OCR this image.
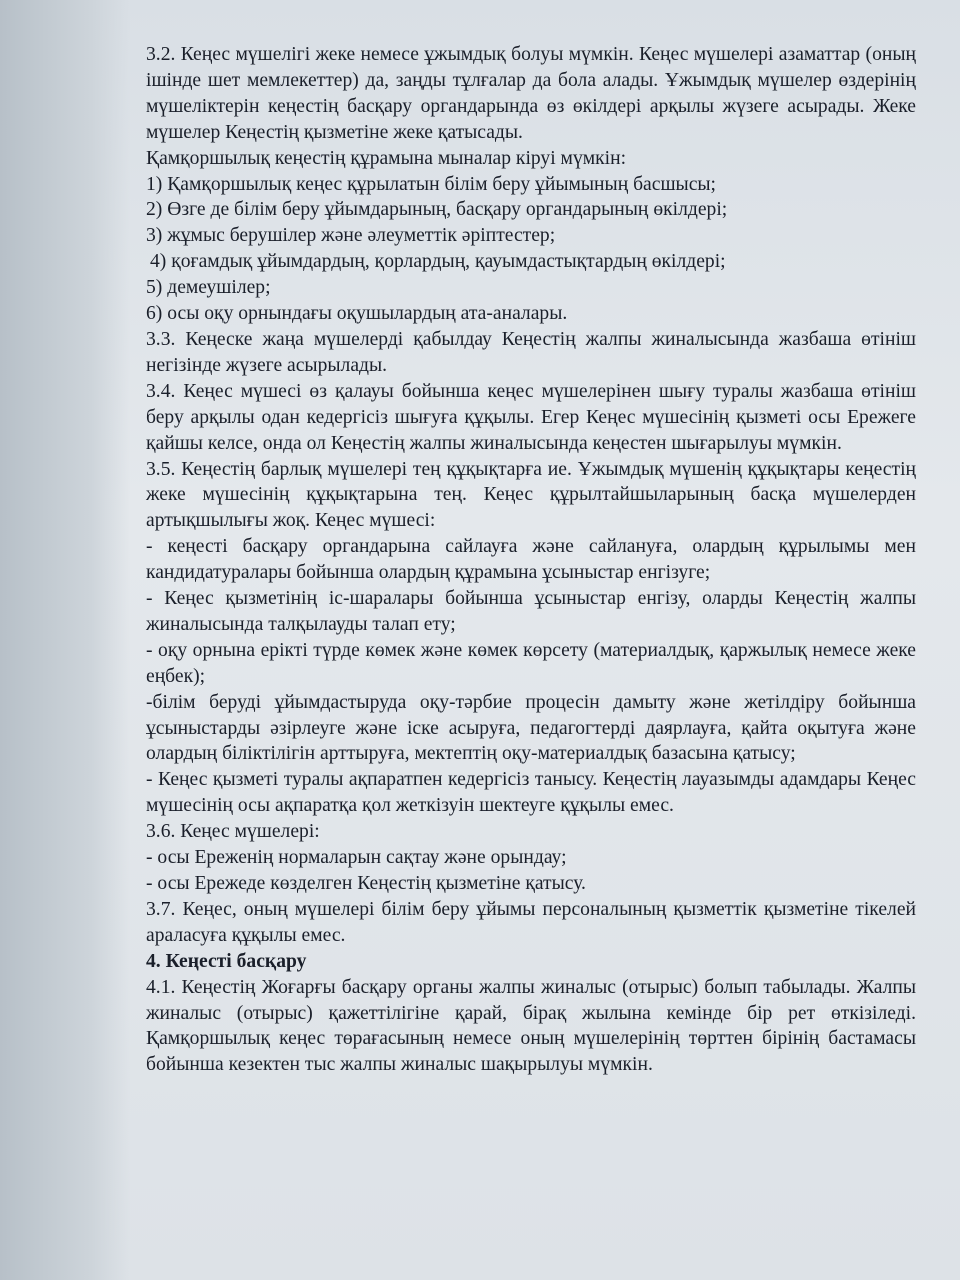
3.2. Кеңес мүшелігі жеке немесе ұжымдық болуы мүмкін. Кеңес мүшелері азаматтар (оның ішінде шет мемлекеттер) да, заңды тұлғалар да бола алады. Ұжымдық мүшелер өздерінің мүшеліктерін кеңестің басқару органдарында өз өкілдері арқылы жүзеге асырады. Жеке мүшелер Кеңестің қызметіне жеке қатысады.

Қамқоршылық кеңестің құрамына мыналар кіруі мүмкін:

1) Қамқоршылық кеңес құрылатын білім беру ұйымының басшысы;

2) Өзге де білім беру ұйымдарының, басқару органдарының өкілдері;

3) жұмыс берушілер және әлеуметтік әріптестер;

4) қоғамдық ұйымдардың, қорлардың, қауымдастықтардың өкілдері;

5) демеушілер;

6) осы оқу орнындағы оқушылардың ата-аналары.

3.3. Кеңеске жаңа мүшелерді қабылдау Кеңестің жалпы жиналысында жазбаша өтініш негізінде жүзеге асырылады.

3.4. Кеңес мүшесі өз қалауы бойынша кеңес мүшелерінен шығу туралы жазбаша өтініш беру арқылы одан кедергісіз шығуға құқылы. Егер Кеңес мүшесінің қызметі осы Ережеге қайшы келсе, онда ол Кеңестің жалпы жиналысында кеңестен шығарылуы мүмкін.

3.5. Кеңестің барлық мүшелері тең құқықтарға ие. Ұжымдық мүшенің құқықтары кеңестің жеке мүшесінің құқықтарына тең. Кеңес құрылтайшыларының басқа мүшелерден артықшылығы жоқ. Кеңес мүшесі:

- кеңесті басқару органдарына сайлауға және сайлануға, олардың құрылымы мен кандидатуралары бойынша олардың құрамына ұсыныстар енгізуге;

- Кеңес қызметінің іс-шаралары бойынша ұсыныстар енгізу, оларды Кеңестің жалпы жиналысында талқылауды талап ету;

- оқу орнына ерікті түрде көмек және көмек көрсету (материалдық, қаржылық немесе жеке еңбек);

-білім беруді ұйымдастыруда оқу-тәрбие процесін дамыту және жетілдіру бойынша ұсыныстарды әзірлеуге және іске асыруға, педагогтерді даярлауға, қайта оқытуға және олардың біліктілігін арттыруға, мектептің оқу-материалдық базасына қатысу;

- Кеңес қызметі туралы ақпаратпен кедергісіз танысу. Кеңестің лауазымды адамдары Кеңес мүшесінің осы ақпаратқа қол жеткізуін шектеуге құқылы емес.

3.6. Кеңес мүшелері:

- осы Ереженің нормаларын сақтау және орындау;

- осы Ережеде көзделген Кеңестің қызметіне қатысу.

3.7. Кеңес, оның мүшелері білім беру ұйымы персоналының қызметтік қызметіне тікелей араласуға құқылы емес.

4. Кеңесті басқару

4.1. Кеңестің Жоғарғы басқару органы жалпы жиналыс (отырыс) болып табылады. Жалпы жиналыс (отырыс) қажеттілігіне қарай, бірақ жылына кемінде бір рет өткізіледі. Қамқоршылық кеңес төрағасының немесе оның мүшелерінің төрттен бірінің бастамасы бойынша кезектен тыс жалпы жиналыс шақырылуы мүмкін.
